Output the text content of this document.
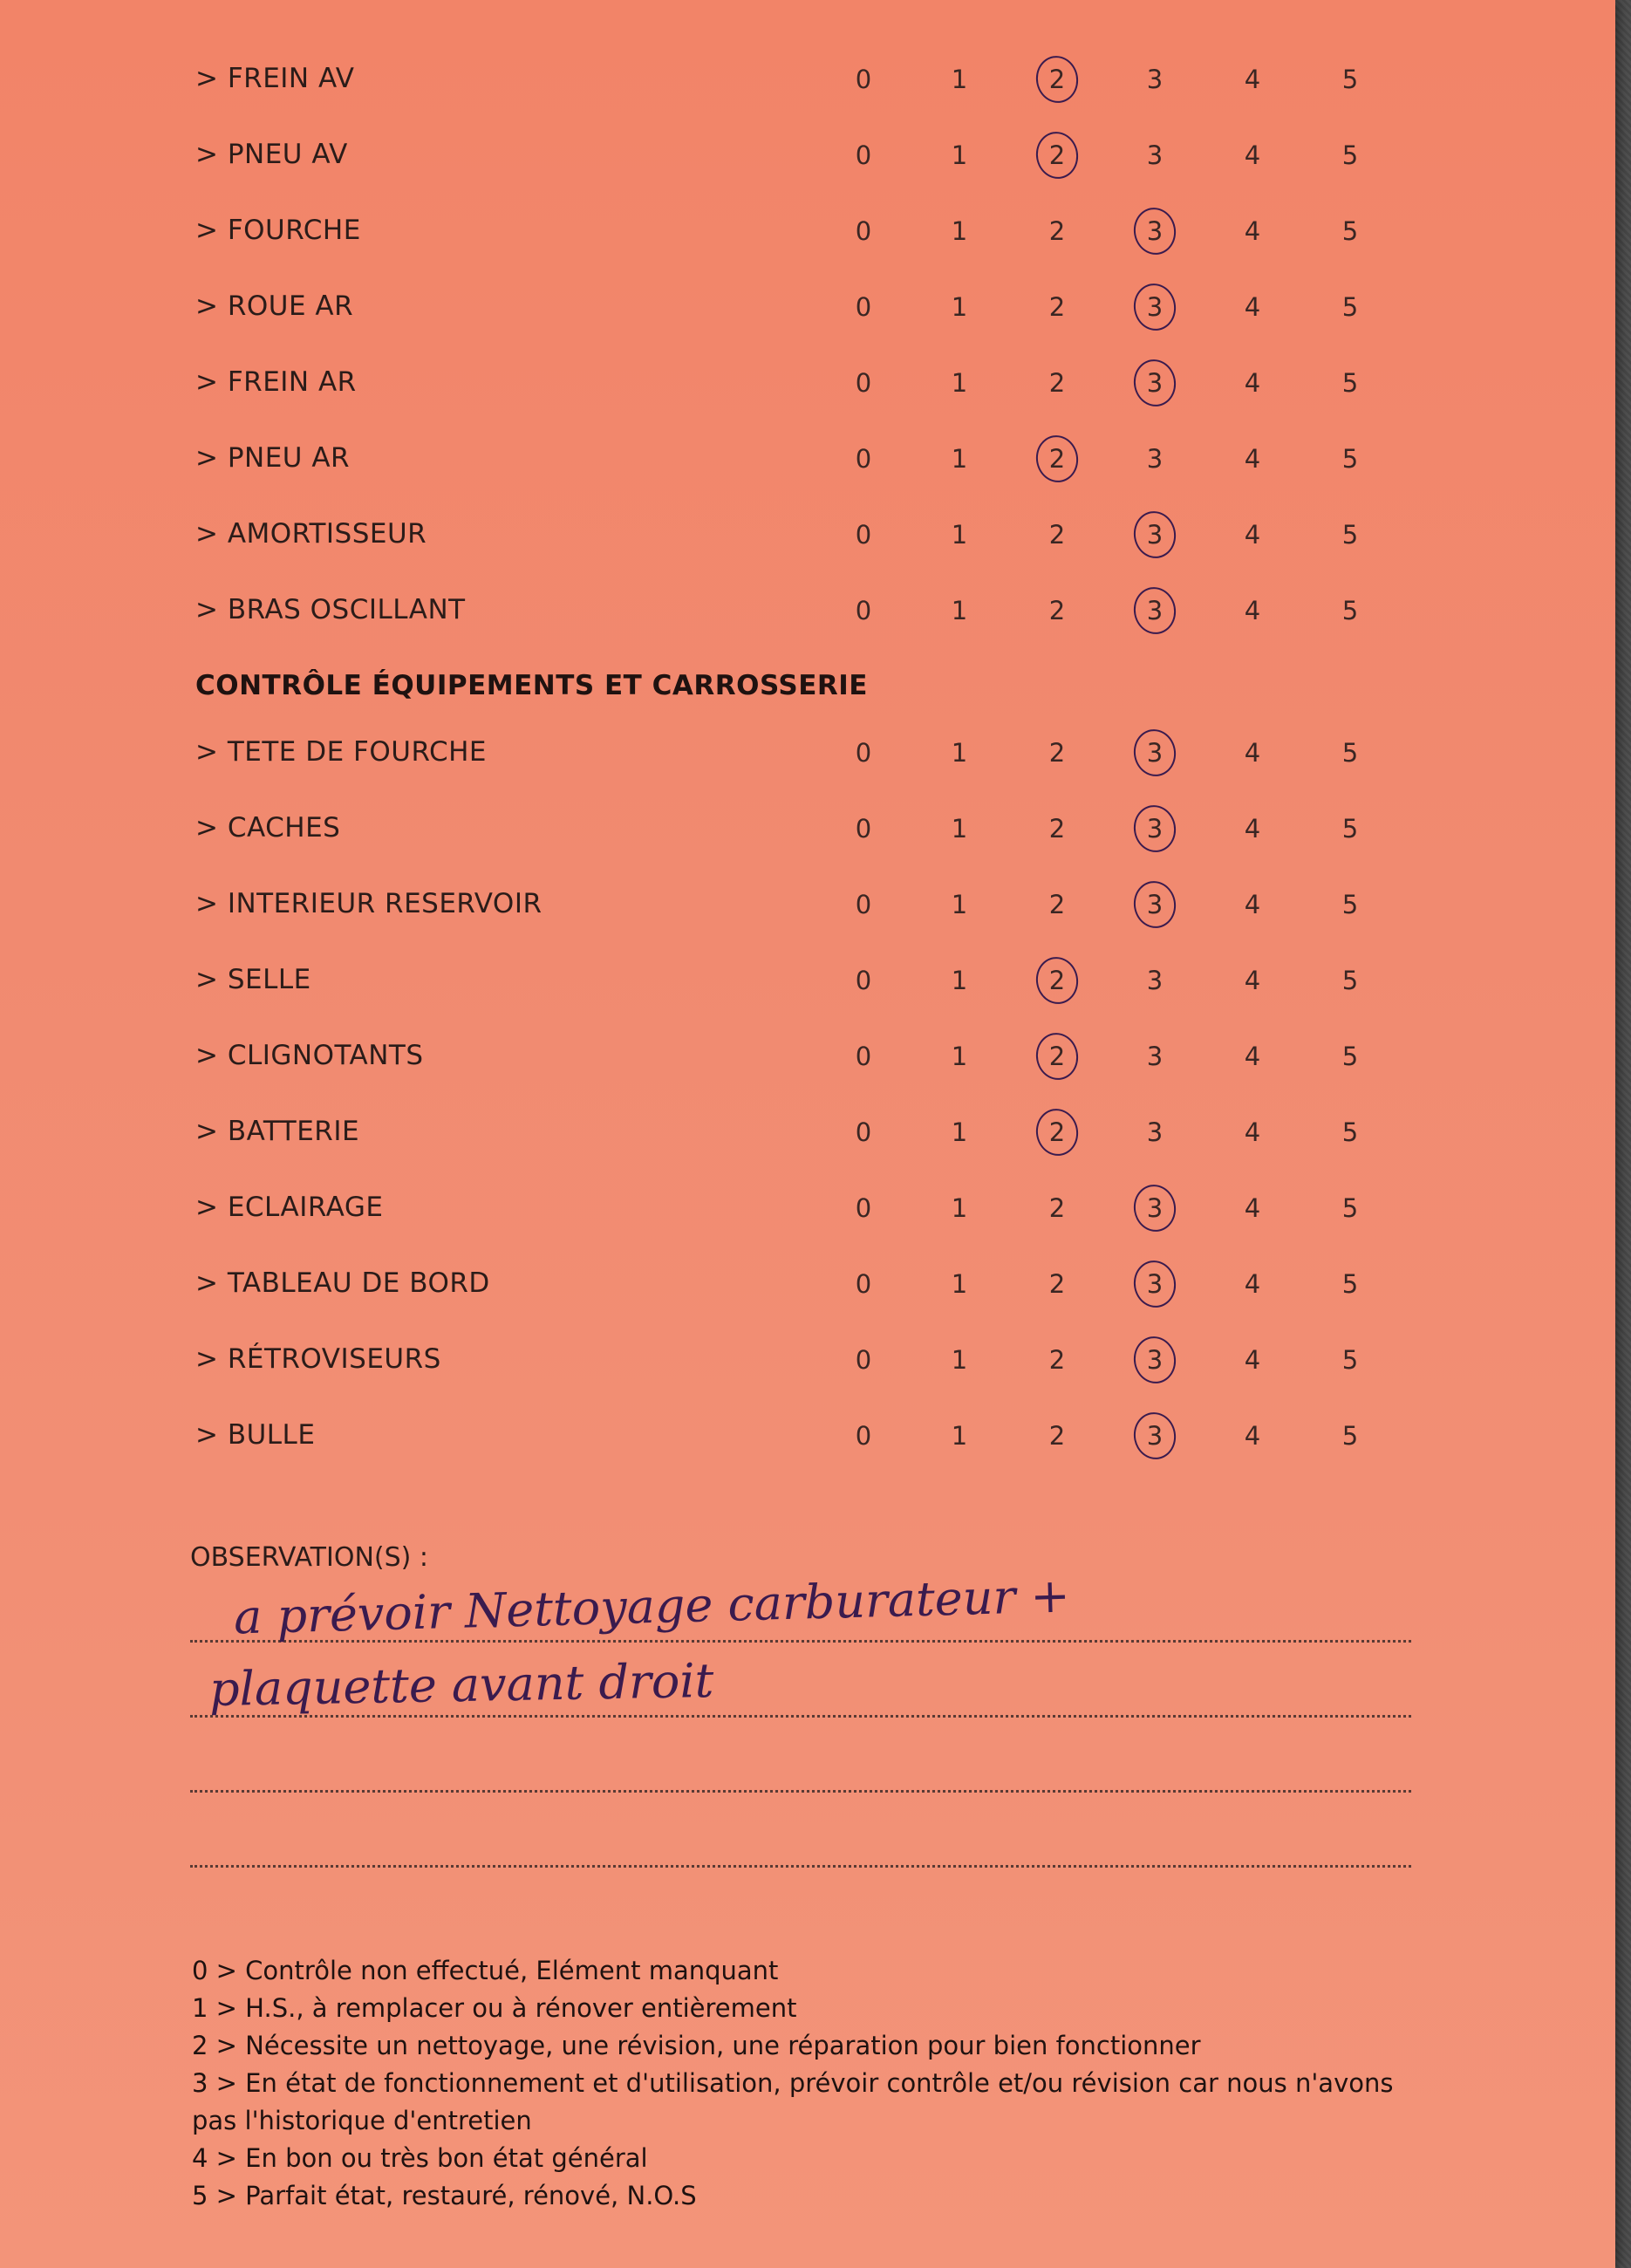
> FREIN AV	0	1	2	3	4	5
> PNEU AV	0	1	2	3	4	5
> FOURCHE	0	1	2	3	4	5
> ROUE AR	0	1	2	3	4	5
> FREIN AR	0	1	2	3	4	5
> PNEU AR	0	1	2	3	4	5
> AMORTISSEUR	0	1	2	3	4	5
> BRAS OSCILLANT	0	1	2	3	4	5
CONTRÔLE ÉQUIPEMENTS ET CARROSSERIE
> TETE DE FOURCHE	0	1	2	3	4	5
> CACHES	0	1	2	3	4	5
> INTERIEUR RESERVOIR	0	1	2	3	4	5
> SELLE	0	1	2	3	4	5
> CLIGNOTANTS	0	1	2	3	4	5
> BATTERIE	0	1	2	3	4	5
> ECLAIRAGE	0	1	2	3	4	5
> TABLEAU DE BORD	0	1	2	3	4	5
> RÉTROVISEURS	0	1	2	3	4	5
> BULLE	0	1	2	3	4	5
OBSERVATION(S) :
a prévoir Nettoyage carburateur +
plaquette avant droit
0 > Contrôle non effectué, Elément manquant
1 > H.S., à remplacer ou à rénover entièrement
2 > Nécessite un nettoyage, une révision, une réparation pour bien fonctionner
3 > En état de fonctionnement et d'utilisation, prévoir contrôle et/ou révision car nous n'avons pas l'historique d'entretien
4 > En bon ou très bon état général
5 > Parfait état, restauré, rénové, N.O.S
